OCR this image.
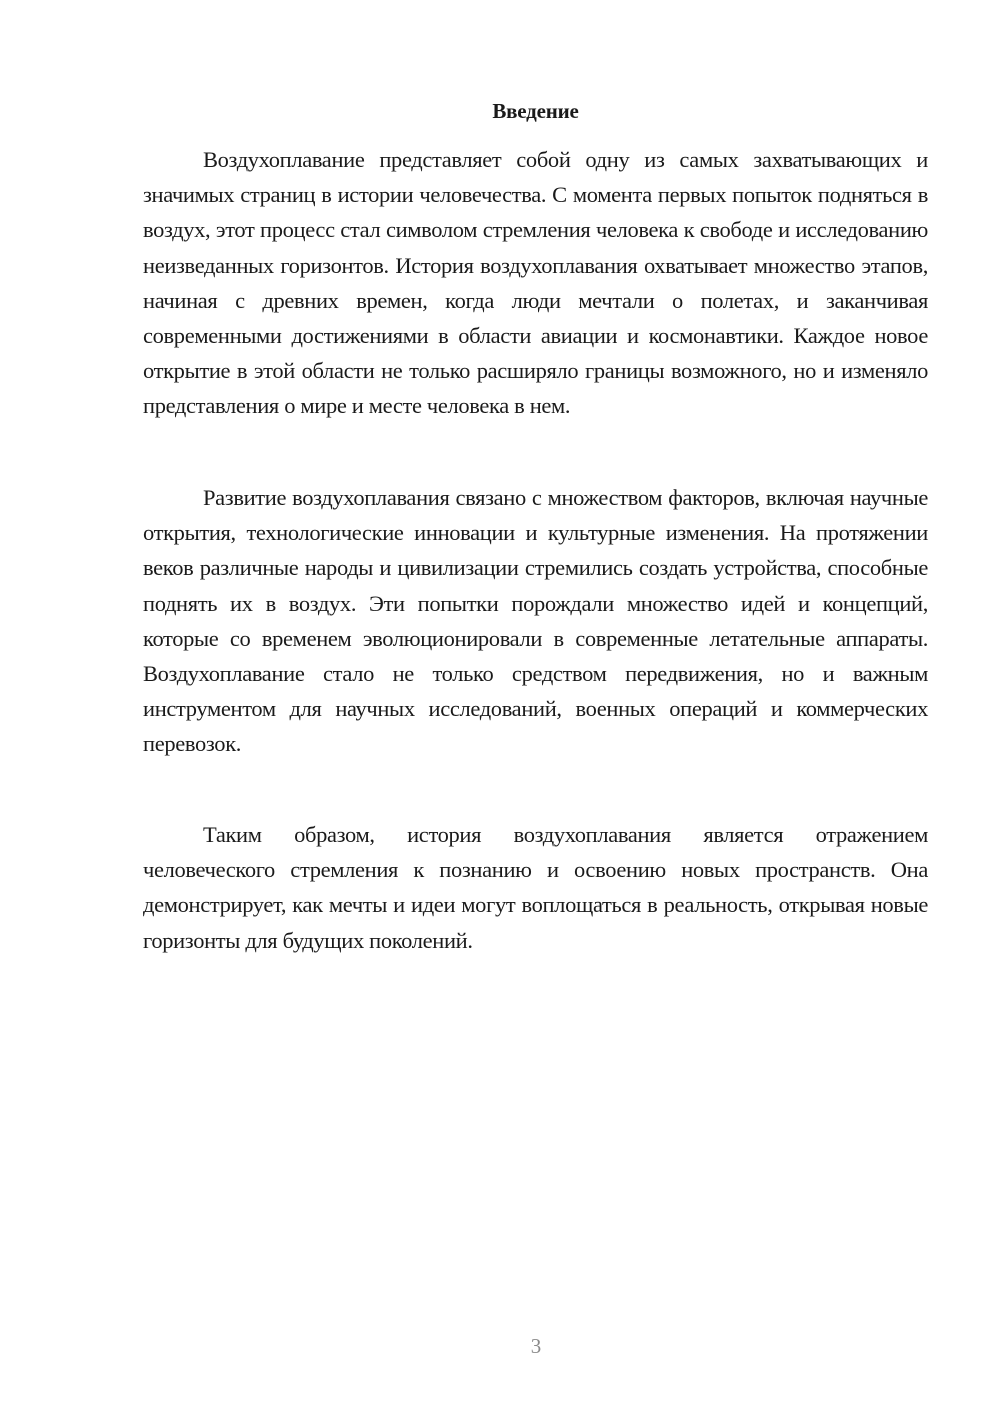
Введение

Воздухоплавание представляет собой одну из самых захватывающих и значимых страниц в истории человечества. С момента первых попыток подняться в воздух, этот процесс стал символом стремления человека к свободе и исследованию неизведанных горизонтов. История воздухоплавания охватывает множество этапов, начиная с древних времен, когда люди мечтали о полетах, и заканчивая современными достижениями в области авиации и космонавтики. Каждое новое открытие в этой области не только расширяло границы возможного, но и изменяло представления о мире и месте человека в нем.

Развитие воздухоплавания связано с множеством факторов, включая научные открытия, технологические инновации и культурные изменения. На протяжении веков различные народы и цивилизации стремились создать устройства, способные поднять их в воздух. Эти попытки порождали множество идей и концепций, которые со временем эволюционировали в современные летательные аппараты. Воздухоплавание стало не только средством передвижения, но и важным инструментом для научных исследований, военных операций и коммерческих перевозок.

Таким образом, история воздухоплавания является отражением человеческого стремления к познанию и освоению новых пространств. Она демонстрирует, как мечты и идеи могут воплощаться в реальность, открывая новые горизонты для будущих поколений.

3
